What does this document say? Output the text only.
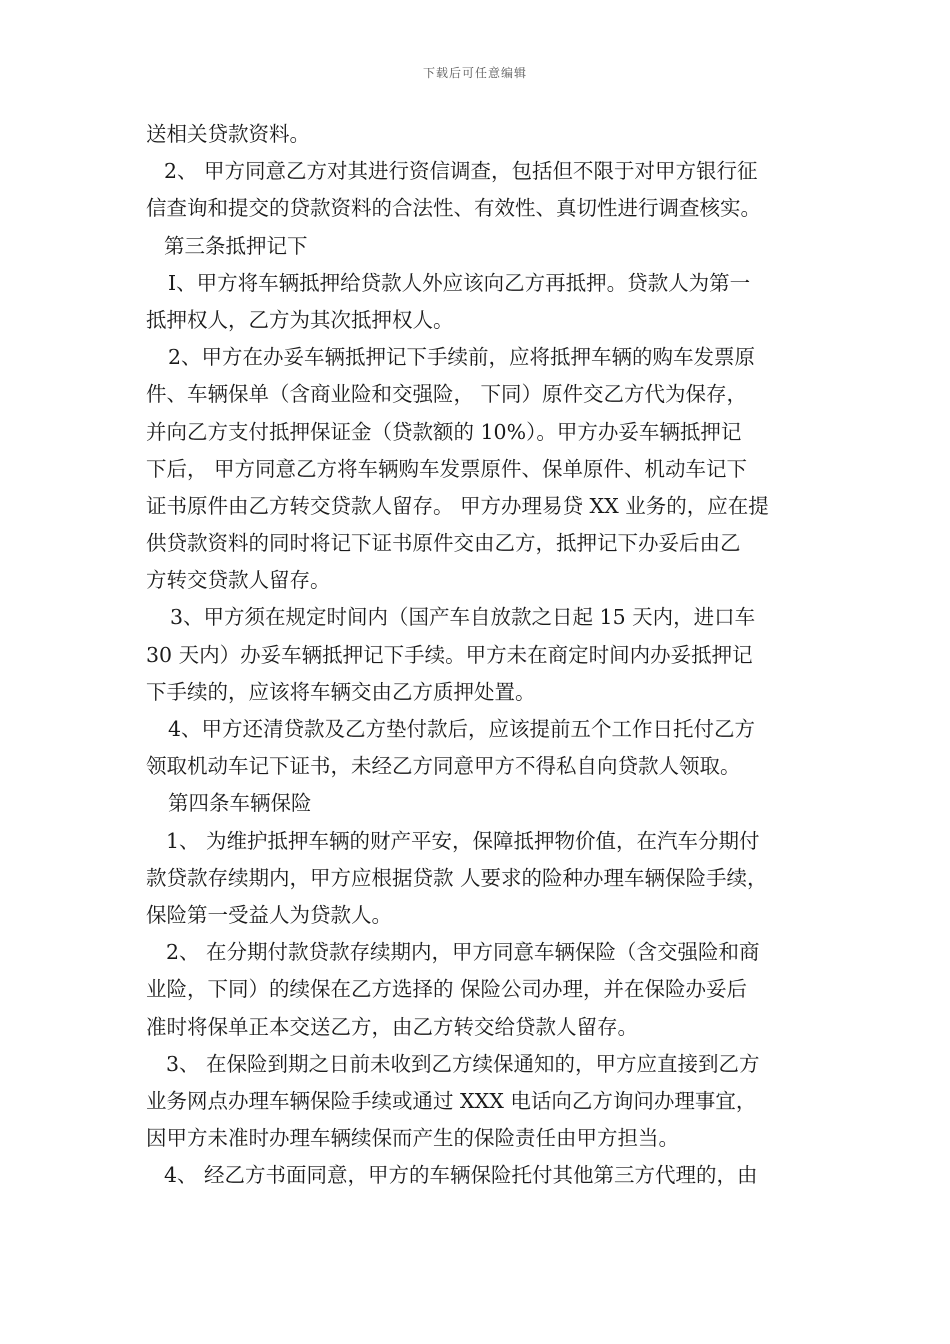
下载后可任意编辑
送相关贷款资料。
2、 甲方同意乙方对其进行资信调查，包括但不限于对甲方银行征
信查询和提交的贷款资料的合法性、有效性、真切性进行调查核实。
第三条抵押记下
I、甲方将车辆抵押给贷款人外应该向乙方再抵押。贷款人为第一
抵押权人，乙方为其次抵押权人。
2、甲方在办妥车辆抵押记下手续前，应将抵押车辆的购车发票原
件、车辆保单（含商业险和交强险， 下同）原件交乙方代为保存，
并向乙方支付抵押保证金（贷款额的 10%）。甲方办妥车辆抵押记
下后， 甲方同意乙方将车辆购车发票原件、保单原件、机动车记下
证书原件由乙方转交贷款人留存。 甲方办理易贷 XX 业务的，应在提
供贷款资料的同时将记下证书原件交由乙方，抵押记下办妥后由乙
方转交贷款人留存。
3、甲方须在规定时间内（国产车自放款之日起 15 天内，进口车
30 天内）办妥车辆抵押记下手续。甲方未在商定时间内办妥抵押记
下手续的，应该将车辆交由乙方质押处置。
4、甲方还清贷款及乙方垫付款后，应该提前五个工作日托付乙方
领取机动车记下证书，未经乙方同意甲方不得私自向贷款人领取。
第四条车辆保险
1、 为维护抵押车辆的财产平安，保障抵押物价值，在汽车分期付
款贷款存续期内，甲方应根据贷款 人要求的险种办理车辆保险手续，
保险第一受益人为贷款人。
2、 在分期付款贷款存续期内，甲方同意车辆保险（含交强险和商
业险，下同）的续保在乙方选择的 保险公司办理，并在保险办妥后
准时将保单正本交送乙方，由乙方转交给贷款人留存。
3、 在保险到期之日前未收到乙方续保通知的，甲方应直接到乙方
业务网点办理车辆保险手续或通过 XXX 电话向乙方询问办理事宜，
因甲方未准时办理车辆续保而产生的保险责任由甲方担当。
4、 经乙方书面同意，甲方的车辆保险托付其他第三方代理的，由
